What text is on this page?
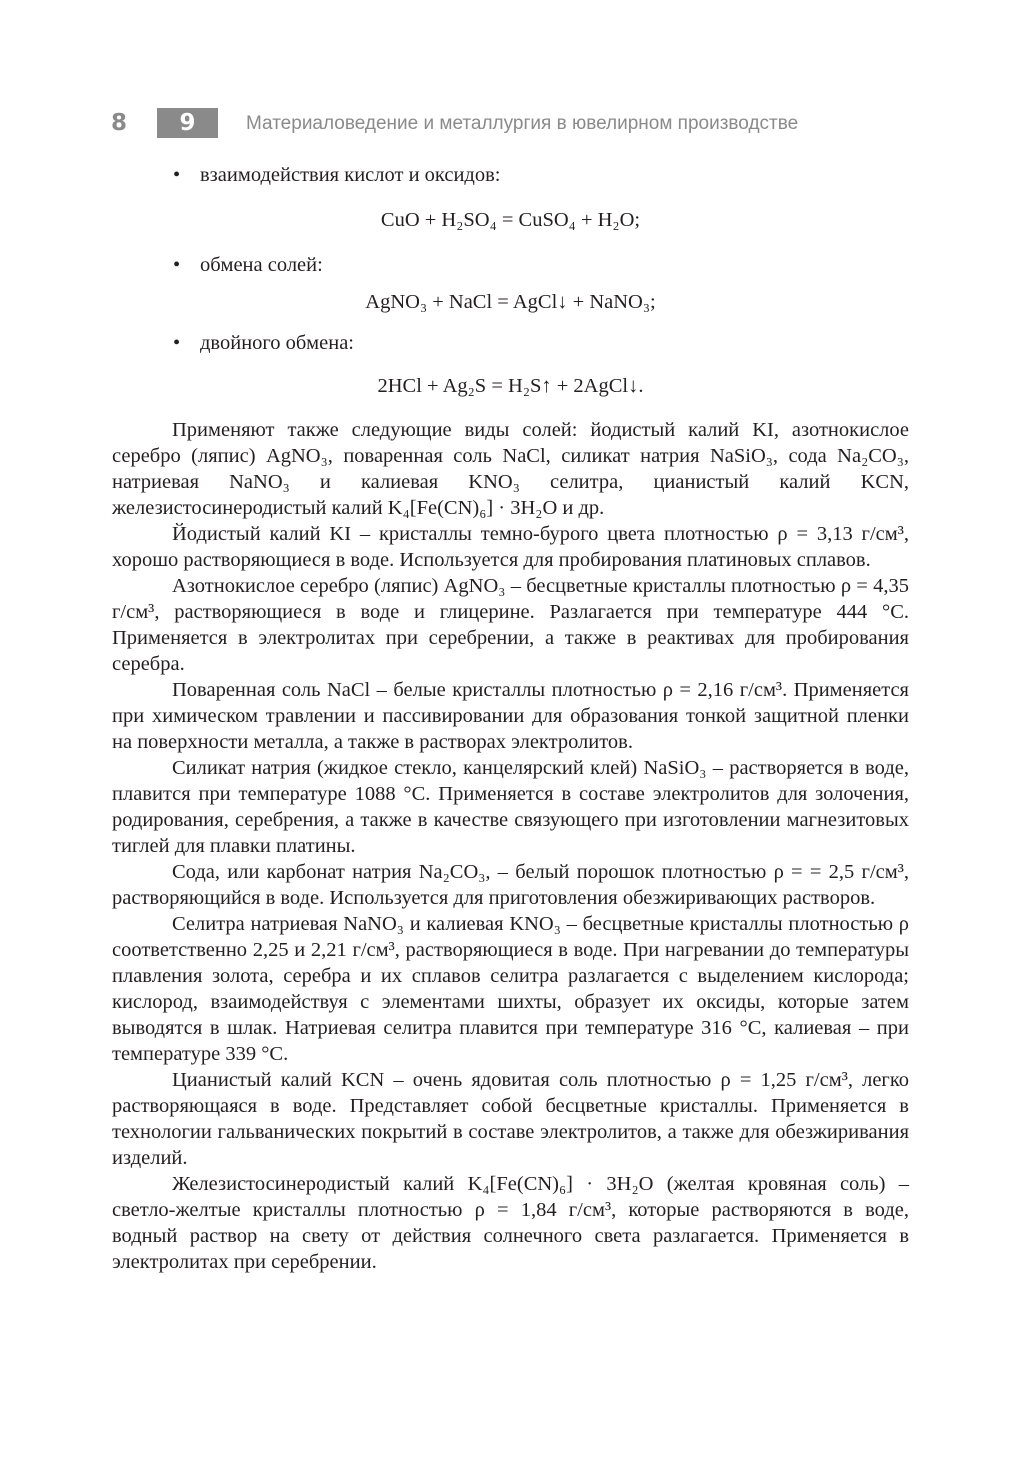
8	9	Материаловедение и металлургия в ювелирном производстве
• взаимодействия кислот и оксидов:
CuO + H₂SO₄ = CuSO₄ + H₂O;
• обмена солей:
AgNO₃ + NaCl = AgCl↓ + NaNO₃;
• двойного обмена:
2HCl + Ag₂S = H₂S↑ + 2AgCl↓.

Применяют также следующие виды солей: йодистый калий KI, азотнокислое серебро (ляпис) AgNO₃, поваренная соль NaCl, силикат натрия NaSiO₃, сода Na₂CO₃, натриевая NaNO₃ и калиевая KNO₃ селитра, цианистый калий KCN, железистосинеродистый калий K₄[Fe(CN)₆] · 3H₂O и др.

Йодистый калий KI – кристаллы темно-бурого цвета плотностью ρ = 3,13 г/см³, хорошо растворяющиеся в воде. Используется для пробирования платиновых сплавов.

Азотнокислое серебро (ляпис) AgNO₃ – бесцветные кристаллы плотностью ρ = 4,35 г/см³, растворяющиеся в воде и глицерине. Разлагается при температуре 444 °С. Применяется в электролитах при серебрении, а также в реактивах для пробирования серебра.

Поваренная соль NaCl – белые кристаллы плотностью ρ = 2,16 г/см³. Применяется при химическом травлении и пассивировании для образования тонкой защитной пленки на поверхности металла, а также в растворах электролитов.

Силикат натрия (жидкое стекло, канцелярский клей) NaSiO₃ – растворяется в воде, плавится при температуре 1088 °С. Применяется в составе электролитов для золочения, родирования, серебрения, а также в качестве связующего при изготовлении магнезитовых тиглей для плавки платины.

Сода, или карбонат натрия Na₂CO₃, – белый порошок плотностью ρ = = 2,5 г/см³, растворяющийся в воде. Используется для приготовления обезжиривающих растворов.

Селитра натриевая NaNO₃ и калиевая KNO₃ – бесцветные кристаллы плотностью ρ соответственно 2,25 и 2,21 г/см³, растворяющиеся в воде. При нагревании до температуры плавления золота, серебра и их сплавов селитра разлагается с выделением кислорода; кислород, взаимодействуя с элементами шихты, образует их оксиды, которые затем выводятся в шлак. Натриевая селитра плавится при температуре 316 °С, калиевая – при температуре 339 °С.

Цианистый калий KCN – очень ядовитая соль плотностью ρ = 1,25 г/см³, легко растворяющаяся в воде. Представляет собой бесцветные кристаллы. Применяется в технологии гальванических покрытий в составе электролитов, а также для обезжиривания изделий.

Железистосинеродистый калий K₄[Fe(CN)₆] · 3H₂O (желтая кровяная соль) – светло-желтые кристаллы плотностью ρ = 1,84 г/см³, которые растворяются в воде, водный раствор на свету от действия солнечного света разлагается. Применяется в электролитах при серебрении.
